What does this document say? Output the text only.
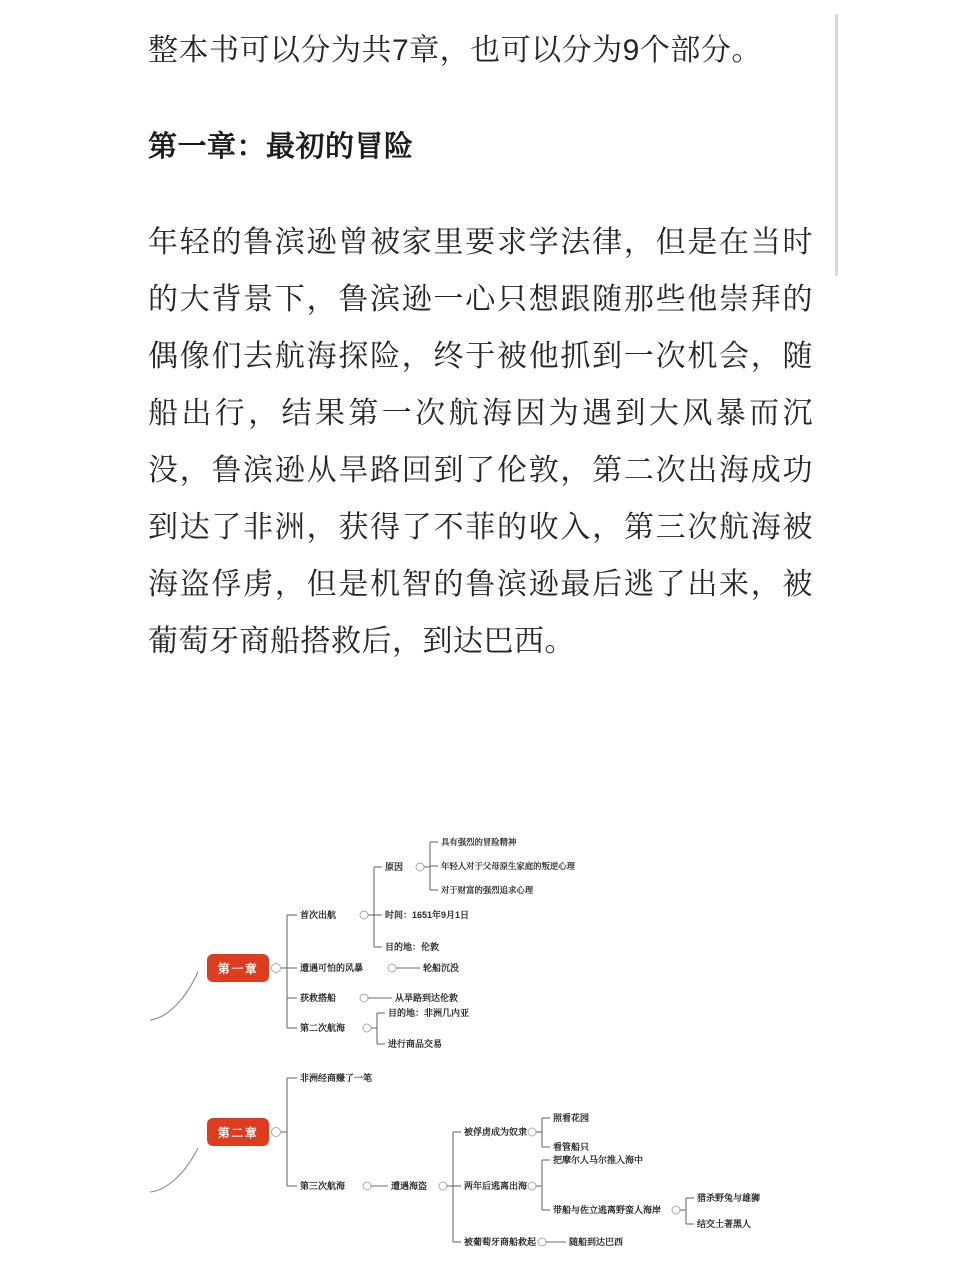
整本书可以分为共7章，也可以分为9个部分。

第一章：最初的冒险

年轻的鲁滨逊曾被家里要求学法律，但是在当时的大背景下，鲁滨逊一心只想跟随那些他崇拜的偶像们去航海探险，终于被他抓到一次机会，随船出行，结果第一次航海因为遇到大风暴而沉没，鲁滨逊从旱路回到了伦敦，第二次出海成功到达了非洲，获得了不菲的收入，第三次航海被海盗俘虏，但是机智的鲁滨逊最后逃了出来，被葡萄牙商船搭救后，到达巴西。

第一章
首次出航
原因
具有强烈的冒险精神
年轻人对于父母原生家庭的叛逆心理
对于财富的强烈追求心理
时间：1651年9月1日
目的地：伦敦
遭遇可怕的风暴	轮船沉没
获救搭船	从旱路到达伦敦
第二次航海
目的地：非洲几内亚
进行商品交易
第二章
非洲经商赚了一笔
第三次航海	遭遇海盗
被俘虏成为奴隶
照看花园
看管船只
两年后逃离出海
把摩尔人马尔推入海中
带船与佐立逃离野蛮人海岸
猎杀野兔与雄狮
结交土著黑人
被葡萄牙商船救起	随船到达巴西
